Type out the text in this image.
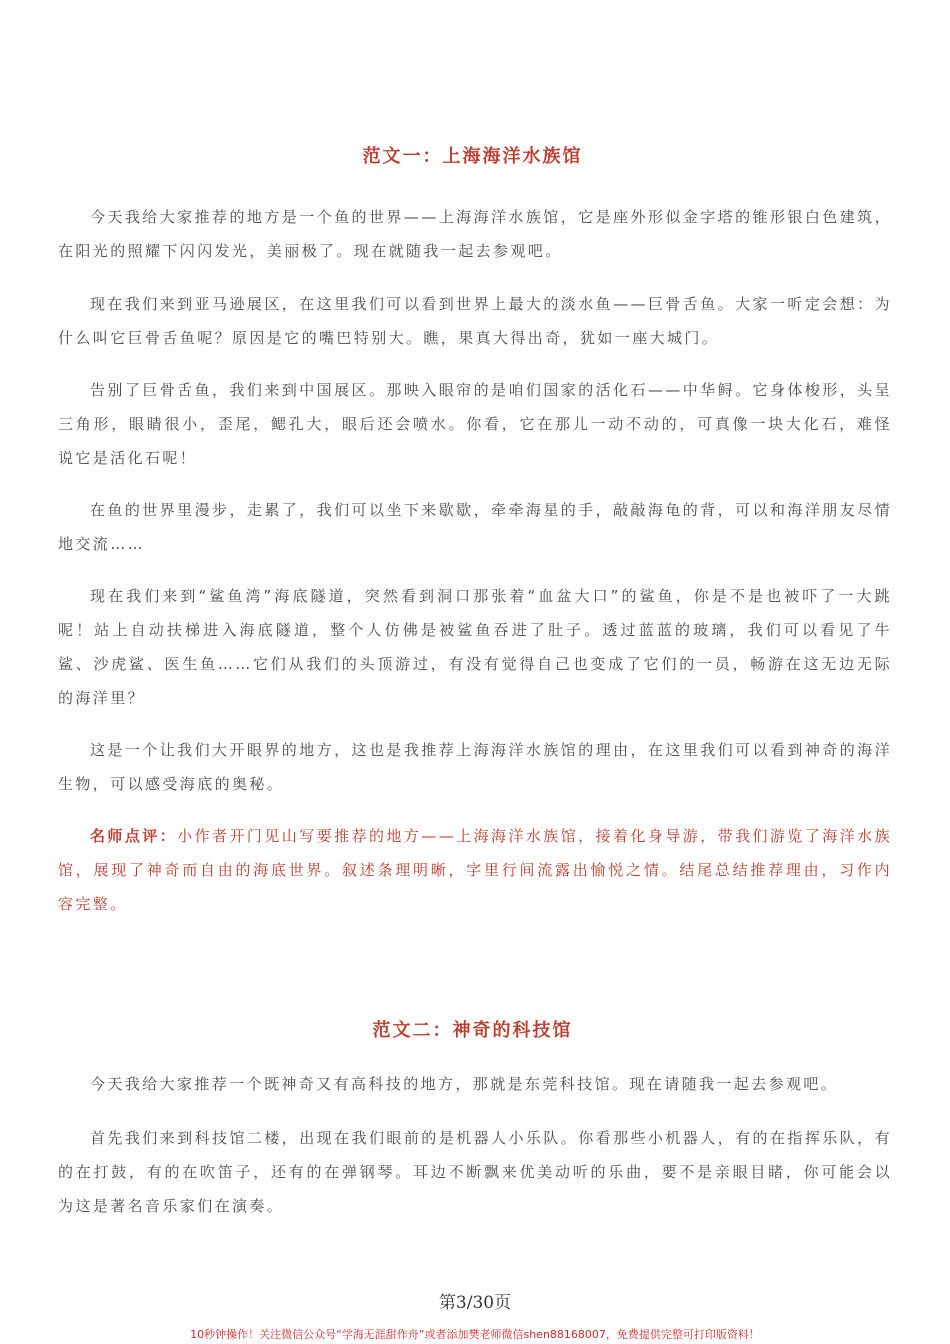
范文一：上海海洋水族馆

今天我给大家推荐的地方是一个鱼的世界——上海海洋水族馆，它是座外形似金字塔的锥形银白色建筑，在阳光的照耀下闪闪发光，美丽极了。现在就随我一起去参观吧。

现在我们来到亚马逊展区，在这里我们可以看到世界上最大的淡水鱼——巨骨舌鱼。大家一听定会想：为什么叫它巨骨舌鱼呢？原因是它的嘴巴特别大。瞧，果真大得出奇，犹如一座大城门。

告别了巨骨舌鱼，我们来到中国展区。那映入眼帘的是咱们国家的活化石——中华鲟。它身体梭形，头呈三角形，眼睛很小，歪尾，鳃孔大，眼后还会喷水。你看，它在那儿一动不动的，可真像一块大化石，难怪说它是活化石呢！

在鱼的世界里漫步，走累了，我们可以坐下来歇歇，牵牵海星的手，敲敲海龟的背，可以和海洋朋友尽情地交流……

现在我们来到“鲨鱼湾”海底隧道，突然看到洞口那张着“血盆大口”的鲨鱼，你是不是也被吓了一大跳呢！站上自动扶梯进入海底隧道，整个人仿佛是被鲨鱼吞进了肚子。透过蓝蓝的玻璃，我们可以看见了牛鲨、沙虎鲨、医生鱼……它们从我们的头顶游过，有没有觉得自己也变成了它们的一员，畅游在这无边无际的海洋里？

这是一个让我们大开眼界的地方，这也是我推荐上海海洋水族馆的理由，在这里我们可以看到神奇的海洋生物，可以感受海底的奥秘。

名师点评：小作者开门见山写要推荐的地方——上海海洋水族馆，接着化身导游，带我们游览了海洋水族馆，展现了神奇而自由的海底世界。叙述条理明晰，字里行间流露出愉悦之情。结尾总结推荐理由，习作内容完整。

范文二：神奇的科技馆

今天我给大家推荐一个既神奇又有高科技的地方，那就是东莞科技馆。现在请随我一起去参观吧。

首先我们来到科技馆二楼，出现在我们眼前的是机器人小乐队。你看那些小机器人，有的在指挥乐队，有的在打鼓，有的在吹笛子，还有的在弹钢琴。耳边不断飘来优美动听的乐曲，要不是亲眼目睹，你可能会以为这是著名音乐家们在演奏。

第3/30页
10秒钟操作！关注微信公众号“学海无涯甜作舟”或者添加樊老师微信shen88168007，免费提供完整可打印版资料！
